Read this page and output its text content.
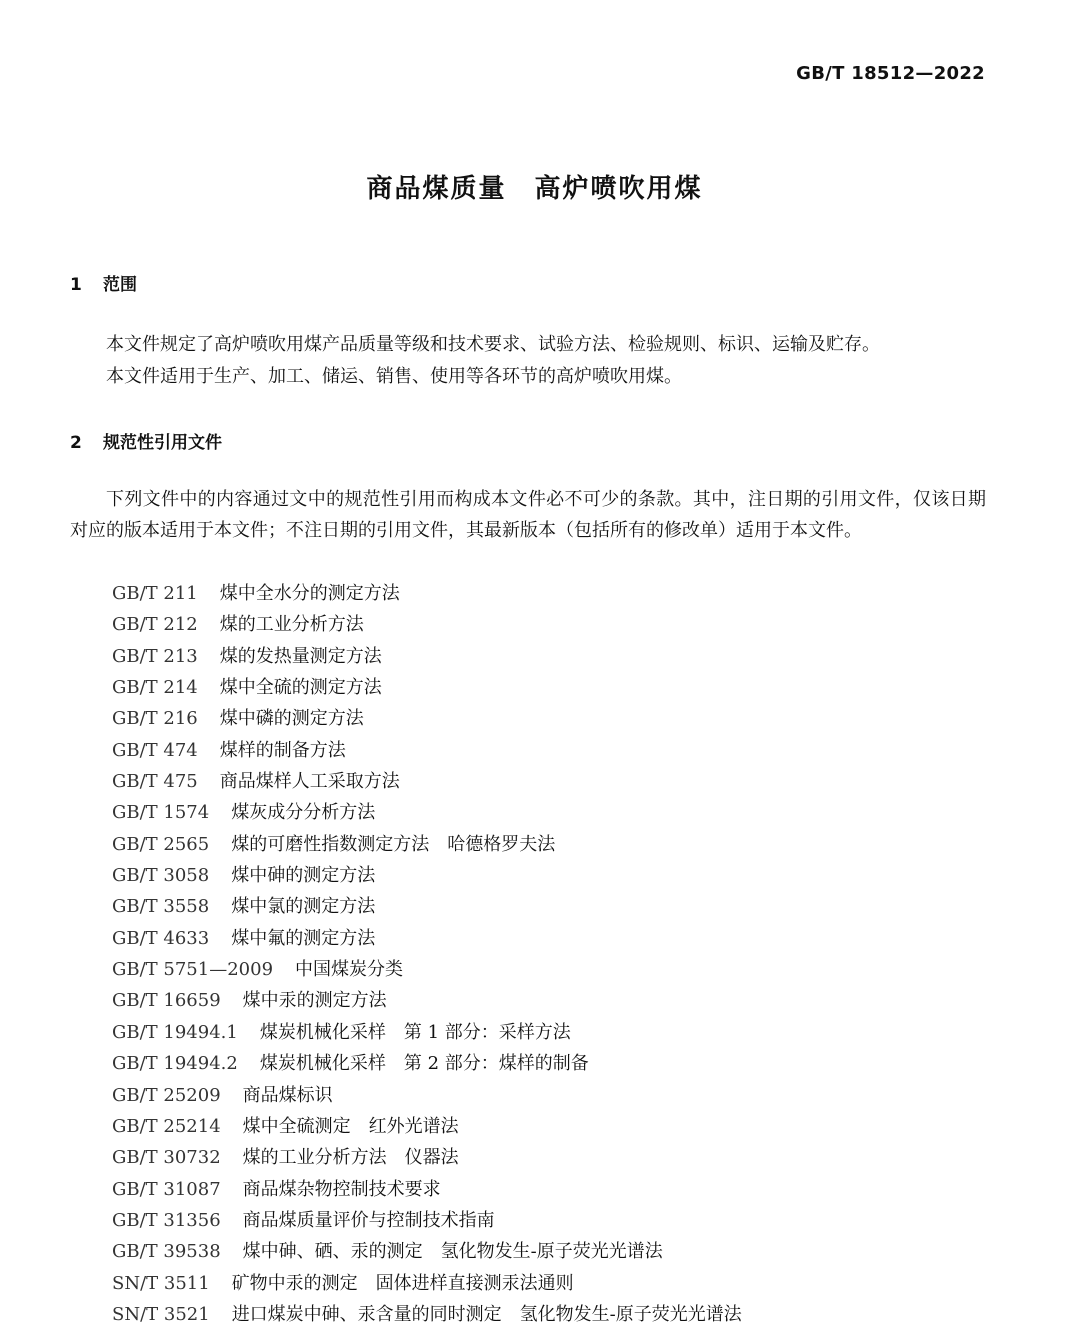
GB/T 18512—2022
商品煤质量　高炉喷吹用煤
1 范围
本文件规定了高炉喷吹用煤产品质量等级和技术要求、试验方法、检验规则、标识、运输及贮存。
本文件适用于生产、加工、储运、销售、使用等各环节的高炉喷吹用煤。
2 规范性引用文件
下列文件中的内容通过文中的规范性引用而构成本文件必不可少的条款。其中，注日期的引用文件，仅该日期对应的版本适用于本文件；不注日期的引用文件，其最新版本（包括所有的修改单）适用于本文件。
GB/T 211 煤中全水分的测定方法
GB/T 212 煤的工业分析方法
GB/T 213 煤的发热量测定方法
GB/T 214 煤中全硫的测定方法
GB/T 216 煤中磷的测定方法
GB/T 474 煤样的制备方法
GB/T 475 商品煤样人工采取方法
GB/T 1574 煤灰成分分析方法
GB/T 2565 煤的可磨性指数测定方法　哈德格罗夫法
GB/T 3058 煤中砷的测定方法
GB/T 3558 煤中氯的测定方法
GB/T 4633 煤中氟的测定方法
GB/T 5751—2009 中国煤炭分类
GB/T 16659 煤中汞的测定方法
GB/T 19494.1 煤炭机械化采样　第 1 部分：采样方法
GB/T 19494.2 煤炭机械化采样　第 2 部分：煤样的制备
GB/T 25209 商品煤标识
GB/T 25214 煤中全硫测定　红外光谱法
GB/T 30732 煤的工业分析方法　仪器法
GB/T 31087 商品煤杂物控制技术要求
GB/T 31356 商品煤质量评价与控制技术指南
GB/T 39538 煤中砷、硒、汞的测定　氢化物发生-原子荧光光谱法
SN/T 3511 矿物中汞的测定　固体进样直接测汞法通则
SN/T 3521 进口煤炭中砷、汞含量的同时测定　氢化物发生-原子荧光光谱法
